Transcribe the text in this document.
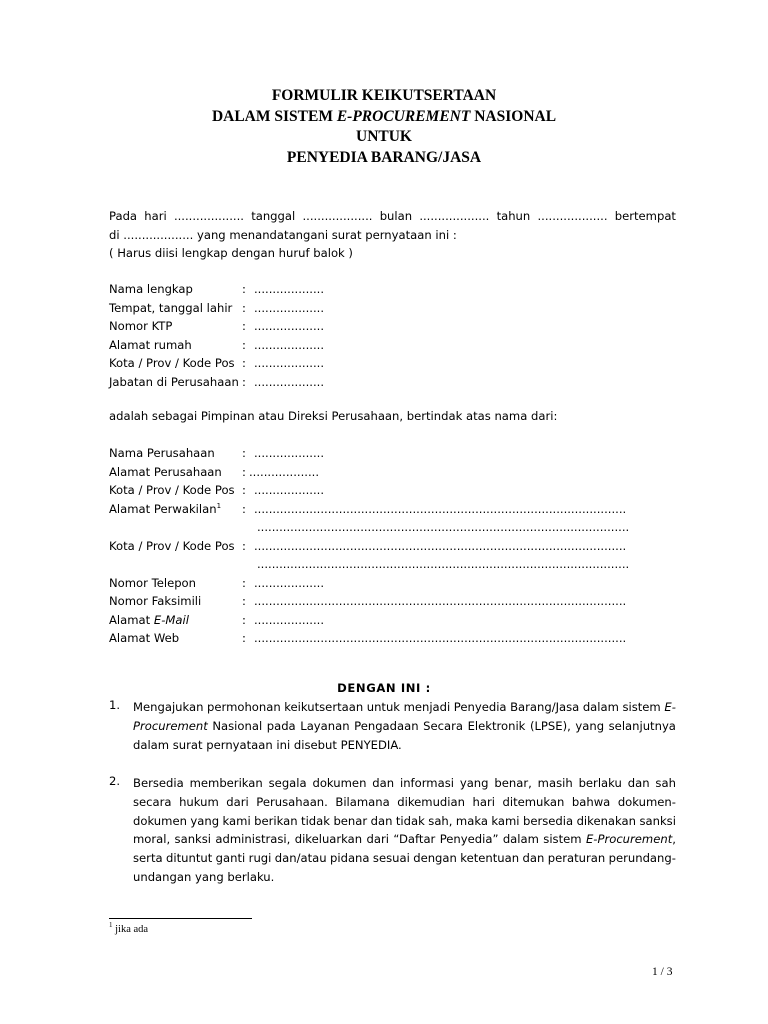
FORMULIR KEIKUTSERTAAN
DALAM SISTEM E-PROCUREMENT NASIONAL
UNTUK
PENYEDIA BARANG/JASA
Pada hari ................... tanggal ................... bulan ................... tahun ................... bertempat
di ................... yang menandatangani surat pernyataan ini :
( Harus diisi lengkap dengan huruf balok )
Nama lengkap	: ...................
Tempat, tanggal lahir : ...................
Nomor KTP	: ...................
Alamat rumah	: ...................
Kota / Prov / Kode Pos : ...................
Jabatan di Perusahaan : ...................
adalah sebagai Pimpinan atau Direksi Perusahaan, bertindak atas nama dari:
Nama Perusahaan : ...................
Alamat Perusahaan : ...................
Kota / Prov / Kode Pos : ...................
Alamat Perwakilan$^1$ : .....................................................................................................
.....................................................................................................
Kota / Prov / Kode Pos : .....................................................................................................
.....................................................................................................
Nomor Telepon	: ...................
Nomor Faksimili	: .....................................................................................................
Alamat E-Mail	: ...................
Alamat Web	: .....................................................................................................
DENGAN INI :
1. Mengajukan permohonan keikutsertaan untuk menjadi Penyedia Barang/Jasa dalam sistem E-
Procurement Nasional pada Layanan Pengadaan Secara Elektronik (LPSE), yang selanjutnya
dalam surat pernyataan ini disebut PENYEDIA.
2. Bersedia memberikan segala dokumen dan informasi yang benar, masih berlaku dan sah
secara hukum dari Perusahaan. Bilamana dikemudian hari ditemukan bahwa dokumen-
dokumen yang kami berikan tidak benar dan tidak sah, maka kami bersedia dikenakan sanksi
moral, sanksi administrasi, dikeluarkan dari “Daftar Penyedia” dalam sistem E-Procurement,
serta dituntut ganti rugi dan/atau pidana sesuai dengan ketentuan dan peraturan perundang-
undangan yang berlaku.
$^1$ jika ada
1 / 3
